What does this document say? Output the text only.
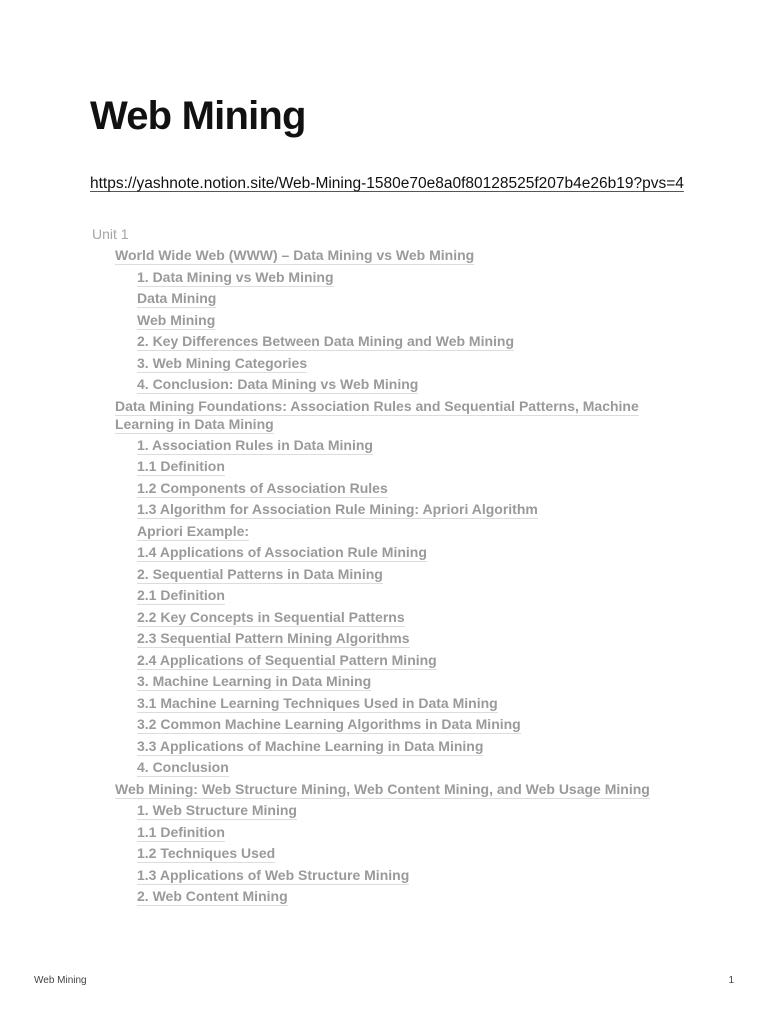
Web Mining
https://yashnote.notion.site/Web-Mining-1580e70e8a0f80128525f207b4e26b19?pvs=4
Unit 1
World Wide Web (WWW) – Data Mining vs Web Mining
1. Data Mining vs Web Mining
Data Mining
Web Mining
2. Key Differences Between Data Mining and Web Mining
3. Web Mining Categories
4. Conclusion: Data Mining vs Web Mining
Data Mining Foundations: Association Rules and Sequential Patterns, Machine Learning in Data Mining
1. Association Rules in Data Mining
1.1 Definition
1.2 Components of Association Rules
1.3 Algorithm for Association Rule Mining: Apriori Algorithm
Apriori Example:
1.4 Applications of Association Rule Mining
2. Sequential Patterns in Data Mining
2.1 Definition
2.2 Key Concepts in Sequential Patterns
2.3 Sequential Pattern Mining Algorithms
2.4 Applications of Sequential Pattern Mining
3. Machine Learning in Data Mining
3.1 Machine Learning Techniques Used in Data Mining
3.2 Common Machine Learning Algorithms in Data Mining
3.3 Applications of Machine Learning in Data Mining
4. Conclusion
Web Mining: Web Structure Mining, Web Content Mining, and Web Usage Mining
1. Web Structure Mining
1.1 Definition
1.2 Techniques Used
1.3 Applications of Web Structure Mining
2. Web Content Mining
Web Mining	1
